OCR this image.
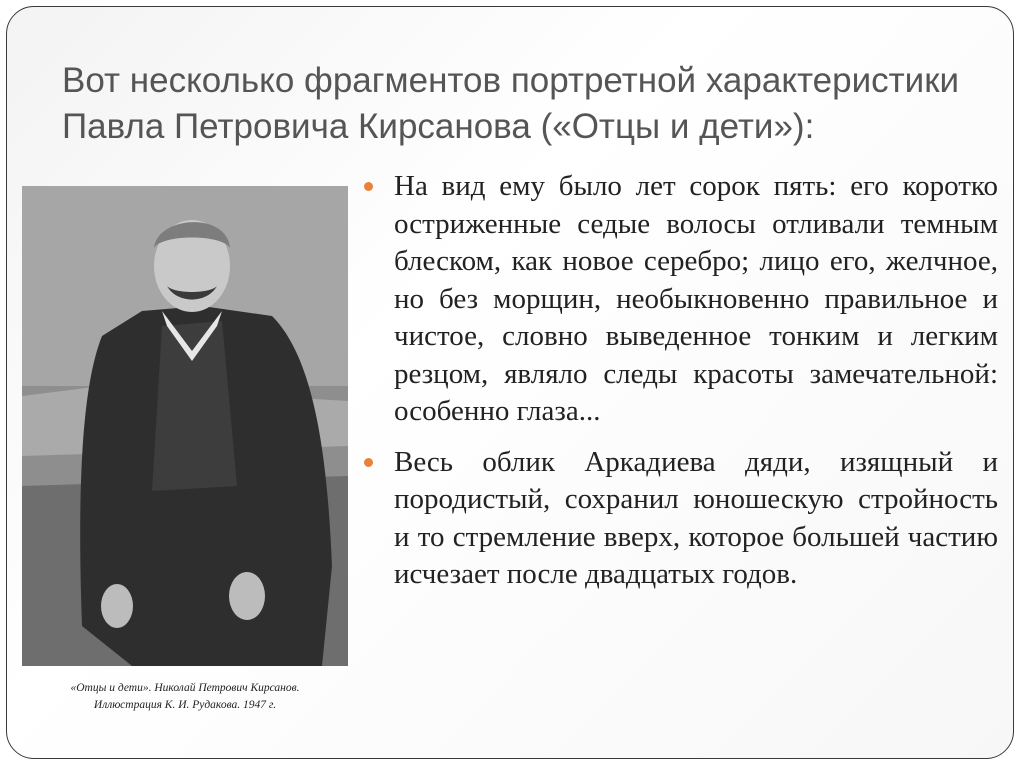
Вот несколько фрагментов портретной характеристики
Павла Петровича Кирсанова («Отцы и дети»):
«Отцы и дети». Николай Петрович Кирсанов.
Иллюстрация К. И. Рудакова. 1947 г.
На вид ему было лет сорок пять: его коротко остриженные седые волосы отливали темным блеском, как новое серебро; лицо его, желчное, но без морщин, необыкновенно правильное и чистое, словно выведенное тонким и легким резцом, являло следы красоты замечательной: особенно глаза...
Весь облик Аркадиева дяди, изящный и породистый, сохранил юношескую стройность и то стремление вверх, которое большей частию исчезает после двадцатых годов.
